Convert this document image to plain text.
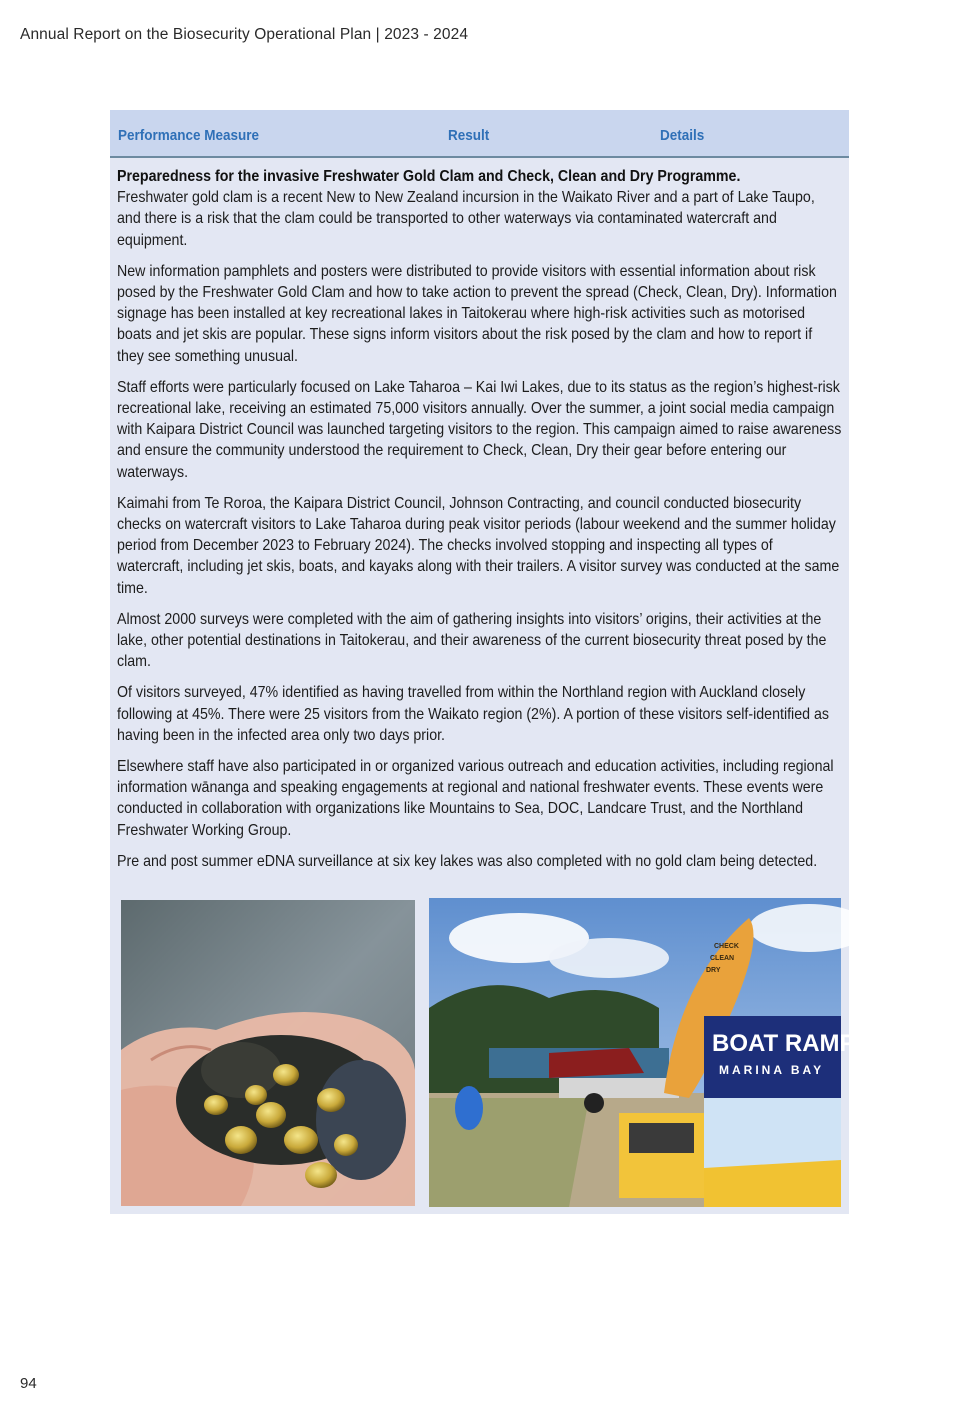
Annual Report on the Biosecurity Operational Plan | 2023 - 2024
Performance Measure	Result	Details
Preparedness for the invasive Freshwater Gold Clam and Check, Clean and Dry Programme.

Freshwater gold clam is a recent New to New Zealand incursion in the Waikato River and a part of Lake Taupo, and there is a risk that the clam could be transported to other waterways via contaminated watercraft and equipment.

New information pamphlets and posters were distributed to provide visitors with essential information about risk posed by the Freshwater Gold Clam and how to take action to prevent the spread (Check, Clean, Dry). Information signage has been installed at key recreational lakes in Taitokerau where high-risk activities such as motorised boats and jet skis are popular. These signs inform visitors about the risk posed by the clam and how to report if they see something unusual.

Staff efforts were particularly focused on Lake Taharoa – Kai Iwi Lakes, due to its status as the region’s highest-risk recreational lake, receiving an estimated 75,000 visitors annually. Over the summer, a joint social media campaign with Kaipara District Council was launched targeting visitors to the region. This campaign aimed to raise awareness and ensure the community understood the requirement to Check, Clean, Dry their gear before entering our waterways.

Kaimahi from Te Roroa, the Kaipara District Council, Johnson Contracting, and council conducted biosecurity checks on watercraft visitors to Lake Taharoa during peak visitor periods (labour weekend and the summer holiday period from December 2023 to February 2024). The checks involved stopping and inspecting all types of watercraft, including jet skis, boats, and kayaks along with their trailers. A visitor survey was conducted at the same time.

Almost 2000 surveys were completed with the aim of gathering insights into visitors’ origins, their activities at the lake, other potential destinations in Taitokerau, and their awareness of the current biosecurity threat posed by the clam.

Of visitors surveyed, 47% identified as having travelled from within the Northland region with Auckland closely following at 45%. There were 25 visitors from the Waikato region (2%). A portion of these visitors self-identified as having been in the infected area only two days prior.

Elsewhere staff have also participated in or organized various outreach and education activities, including regional information wānanga and speaking engagements at regional and national freshwater events. These events were conducted in collaboration with organizations like Mountains to Sea, DOC, Landcare Trust, and the Northland Freshwater Working Group.

Pre and post summer eDNA surveillance at six key lakes was also completed with no gold clam being detected.

CHECK
CLEAN
DRY
BOAT RAMP
MARINA BAY
94
